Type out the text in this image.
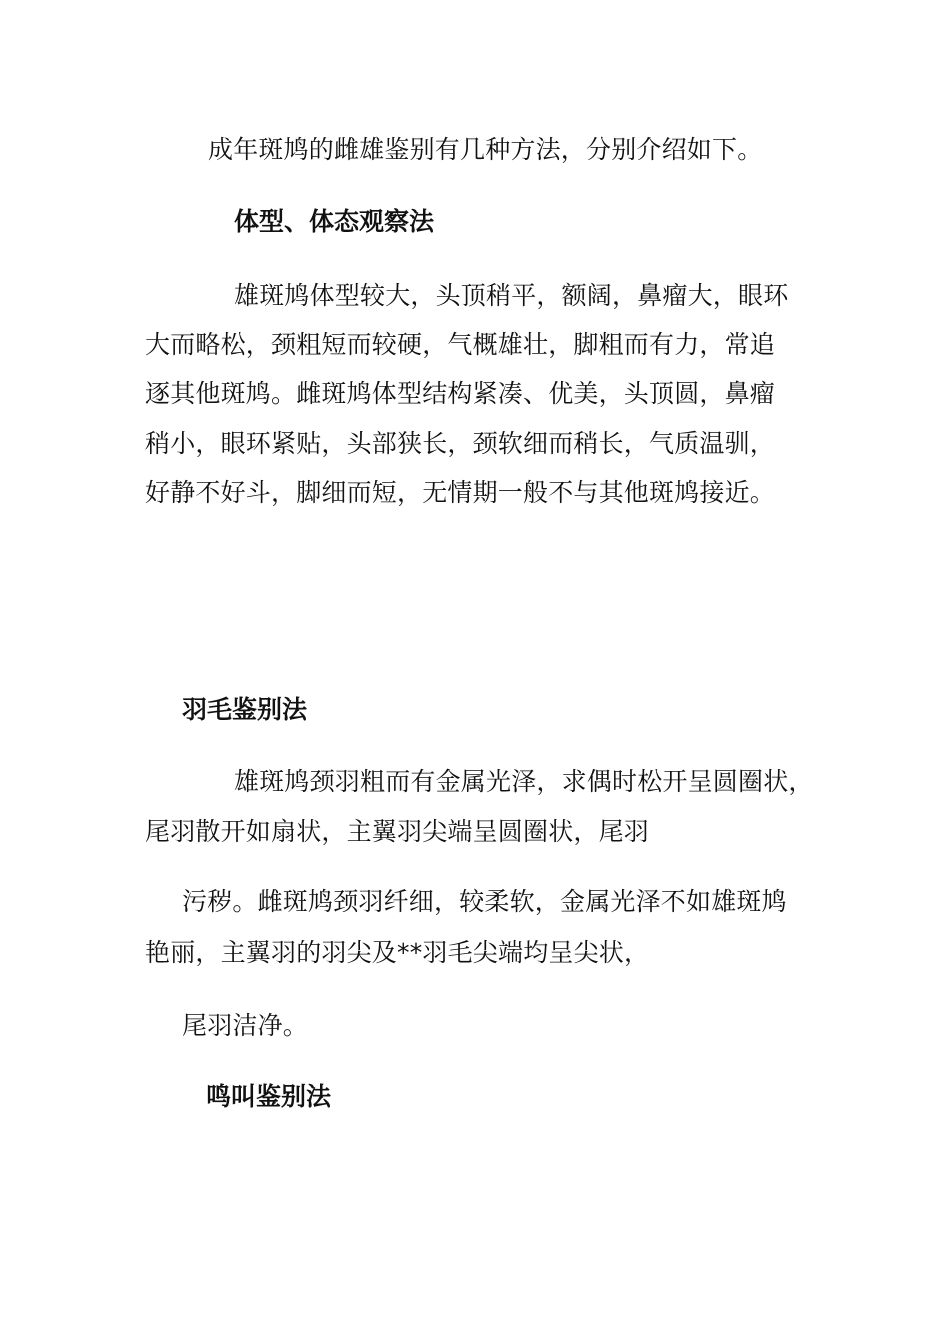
成年斑鸠的雌雄鉴别有几种方法，分别介绍如下。
体型、体态观察法
雄斑鸠体型较大，头顶稍平，额阔，鼻瘤大，眼环
大而略松，颈粗短而较硬，气概雄壮，脚粗而有力，常追
逐其他斑鸠。雌斑鸠体型结构紧凑、优美，头顶圆，鼻瘤
稍小，眼环紧贴，头部狭长，颈软细而稍长，气质温驯，
好静不好斗，脚细而短，无情期一般不与其他斑鸠接近。
羽毛鉴别法
雄斑鸠颈羽粗而有金属光泽，求偶时松开呈圆圈状，
尾羽散开如扇状，主翼羽尖端呈圆圈状，尾羽
污秽。雌斑鸠颈羽纤细，较柔软，金属光泽不如雄斑鸠
艳丽，主翼羽的羽尖及**羽毛尖端均呈尖状，
尾羽洁净。
鸣叫鉴别法
